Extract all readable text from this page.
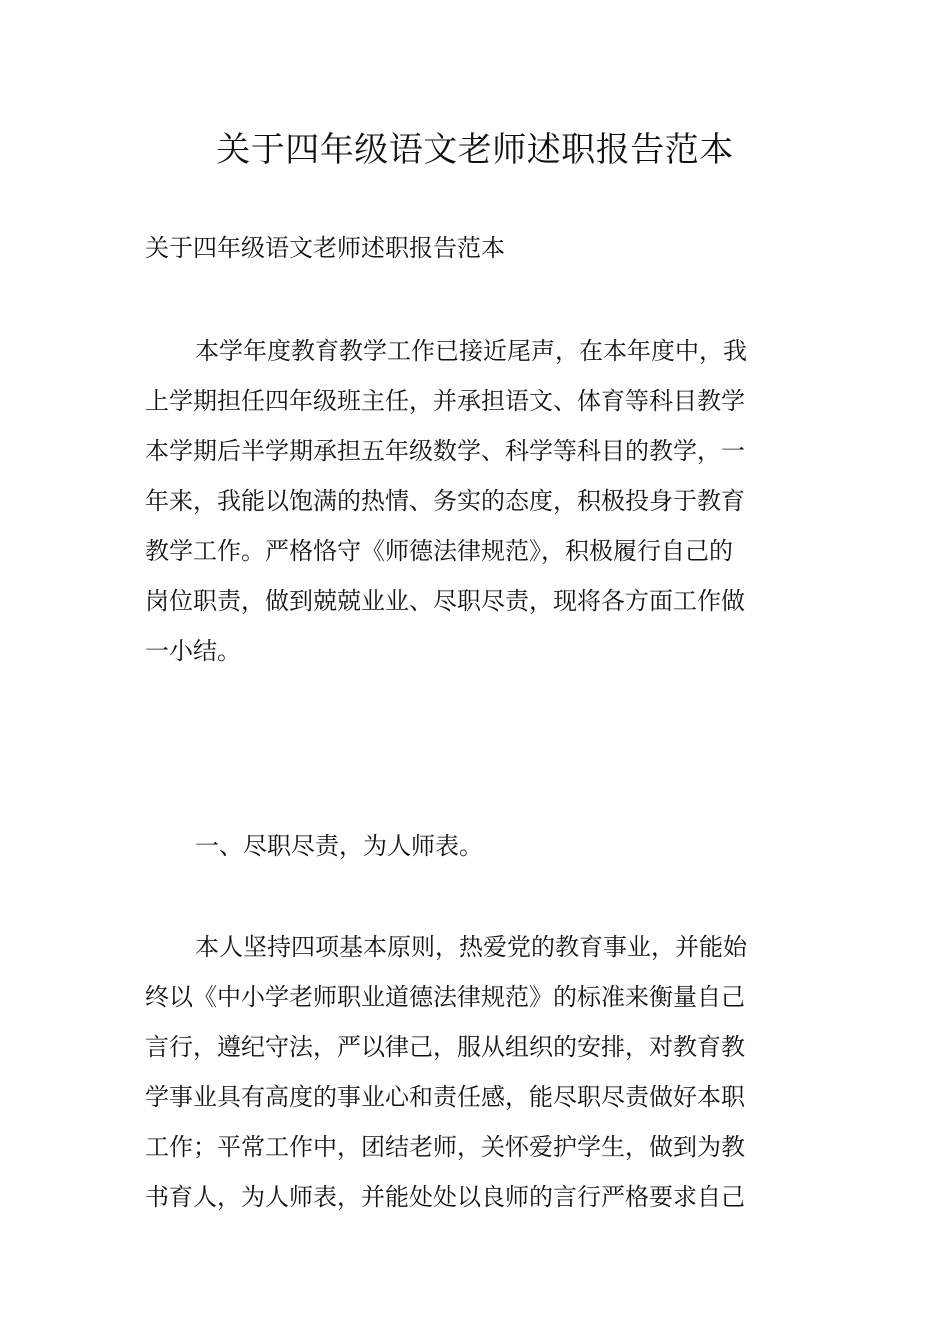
关于四年级语文老师述职报告范本
关于四年级语文老师述职报告范本
本学年度教育教学工作已接近尾声，在本年度中，我
上学期担任四年级班主任，并承担语文、体育等科目教学
本学期后半学期承担五年级数学、科学等科目的教学，一
年来，我能以饱满的热情、务实的态度，积极投身于教育
教学工作。严格恪守《师德法律规范》，积极履行自己的
岗位职责，做到兢兢业业、尽职尽责，现将各方面工作做
一小结。
一、尽职尽责，为人师表。
本人坚持四项基本原则，热爱党的教育事业，并能始
终以《中小学老师职业道德法律规范》的标准来衡量自己
言行，遵纪守法，严以律己，服从组织的安排，对教育教
学事业具有高度的事业心和责任感，能尽职尽责做好本职
工作；平常工作中，团结老师，关怀爱护学生，做到为教
书育人，为人师表，并能处处以良师的言行严格要求自己
